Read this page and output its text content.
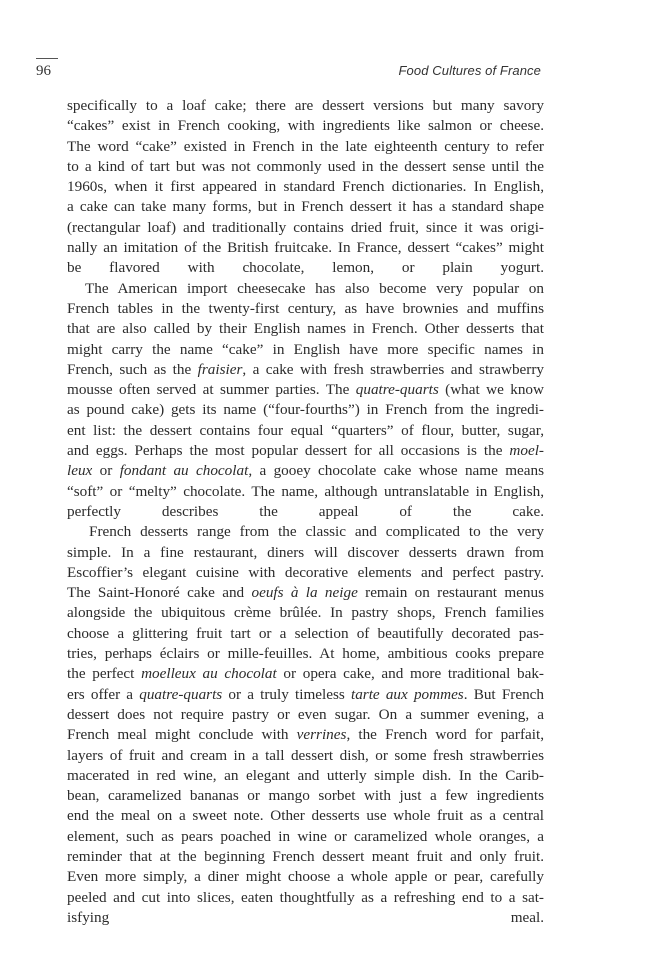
96	Food Cultures of France

specifically to a loaf cake; there are dessert versions but many savory
“cakes” exist in French cooking, with ingredients like salmon or cheese.
The word “cake” existed in French in the late eighteenth century to refer
to a kind of tart but was not commonly used in the dessert sense until the
1960s, when it first appeared in standard French dictionaries. In English,
a cake can take many forms, but in French dessert it has a standard shape
(rectangular loaf) and traditionally contains dried fruit, since it was origi-
nally an imitation of the British fruitcake. In France, dessert “cakes” might
be flavored with chocolate, lemon, or plain yogurt.

The American import cheesecake has also become very popular on
French tables in the twenty-first century, as have brownies and muffins
that are also called by their English names in French. Other desserts that
might carry the name “cake” in English have more specific names in
French, such as the fraisier, a cake with fresh strawberries and strawberry
mousse often served at summer parties. The quatre-quarts (what we know
as pound cake) gets its name (“four-fourths”) in French from the ingredi-
ent list: the dessert contains four equal “quarters” of flour, butter, sugar,
and eggs. Perhaps the most popular dessert for all occasions is the moel-
leux or fondant au chocolat, a gooey chocolate cake whose name means
“soft” or “melty” chocolate. The name, although untranslatable in English,
perfectly describes the appeal of the cake.

French desserts range from the classic and complicated to the very
simple. In a fine restaurant, diners will discover desserts drawn from
Escoffier’s elegant cuisine with decorative elements and perfect pastry.
The Saint-Honoré cake and oeufs à la neige remain on restaurant menus
alongside the ubiquitous crème brûlée. In pastry shops, French families
choose a glittering fruit tart or a selection of beautifully decorated pas-
tries, perhaps éclairs or mille-feuilles. At home, ambitious cooks prepare
the perfect moelleux au chocolat or opera cake, and more traditional bak-
ers offer a quatre-quarts or a truly timeless tarte aux pommes. But French
dessert does not require pastry or even sugar. On a summer evening, a
French meal might conclude with verrines, the French word for parfait,
layers of fruit and cream in a tall dessert dish, or some fresh strawberries
macerated in red wine, an elegant and utterly simple dish. In the Carib-
bean, caramelized bananas or mango sorbet with just a few ingredients
end the meal on a sweet note. Other desserts use whole fruit as a central
element, such as pears poached in wine or caramelized whole oranges, a
reminder that at the beginning French dessert meant fruit and only fruit.
Even more simply, a diner might choose a whole apple or pear, carefully
peeled and cut into slices, eaten thoughtfully as a refreshing end to a sat-
isfying meal.
